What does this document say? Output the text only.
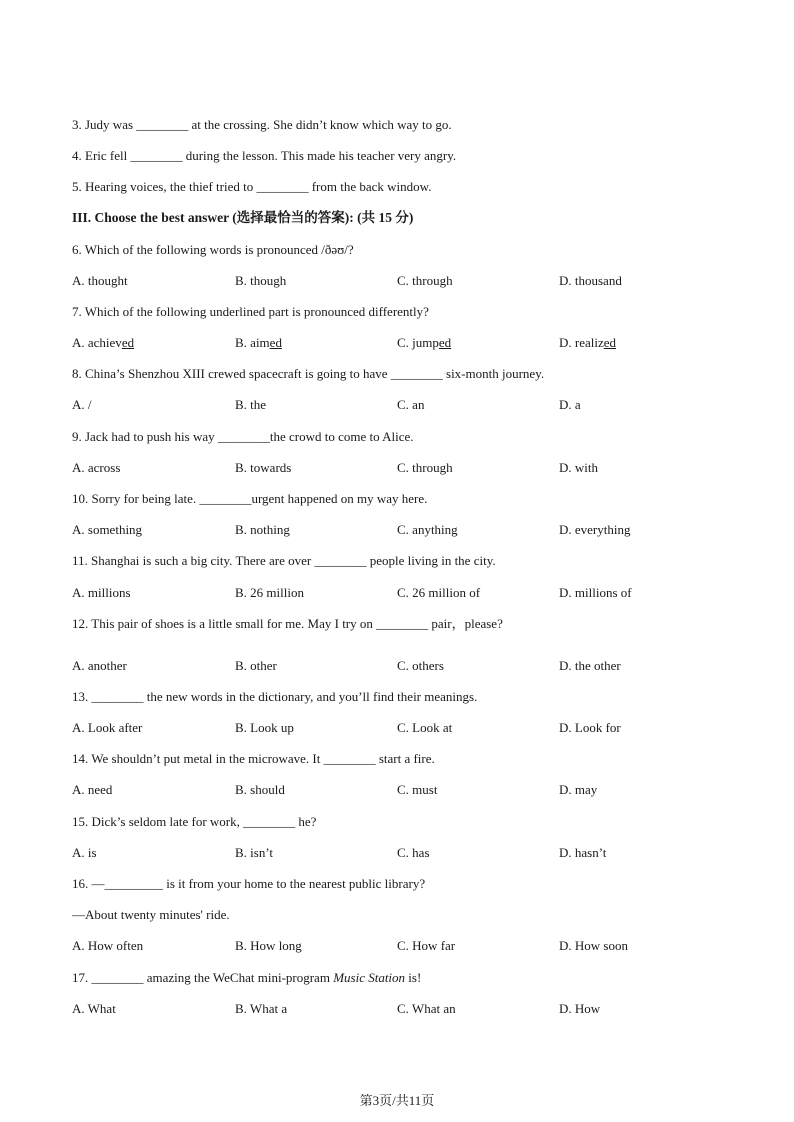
3. Judy was ________ at the crossing. She didn’t know which way to go.
4. Eric fell ________ during the lesson. This made his teacher very angry.
5. Hearing voices, the thief tried to ________ from the back window.
III. Choose the best answer (选择最恰当的答案): (共 15 分)
6. Which of the following words is pronounced /ðəʊ/?
A. thought	B. though	C. through	D. thousand
7. Which of the following underlined part is pronounced differently?
A. achieved	B. aimed	C. jumped	D. realized
8. China’s Shenzhou XIII crewed spacecraft is going to have ________ six-month journey.
A. /	B. the	C. an	D. a
9. Jack had to push his way ________the crowd to come to Alice.
A. across	B. towards	C. through	D. with
10. Sorry for being late. ________urgent happened on my way here.
A. something	B. nothing	C. anything	D. everything
11. Shanghai is such a big city. There are over ________ people living in the city.
A. millions	B. 26 million	C. 26 million of	D. millions of
12. This pair of shoes is a little small for me. May I try on ________ pair，please?
A. another	B. other	C. others	D. the other
13. ________ the new words in the dictionary, and you’ll find their meanings.
A. Look after	B. Look up	C. Look at	D. Look for
14. We shouldn’t put metal in the microwave. It ________ start a fire.
A. need	B. should	C. must	D. may
15. Dick’s seldom late for work, ________ he?
A. is	B. isn’t	C. has	D. hasn’t
16. —_________ is it from your home to the nearest public library?
—About twenty minutes' ride.
A. How often	B. How long	C. How far	D. How soon
17. ________ amazing the WeChat mini-program Music Station is!
A. What	B. What a	C. What an	D. How
第3页/共11页
